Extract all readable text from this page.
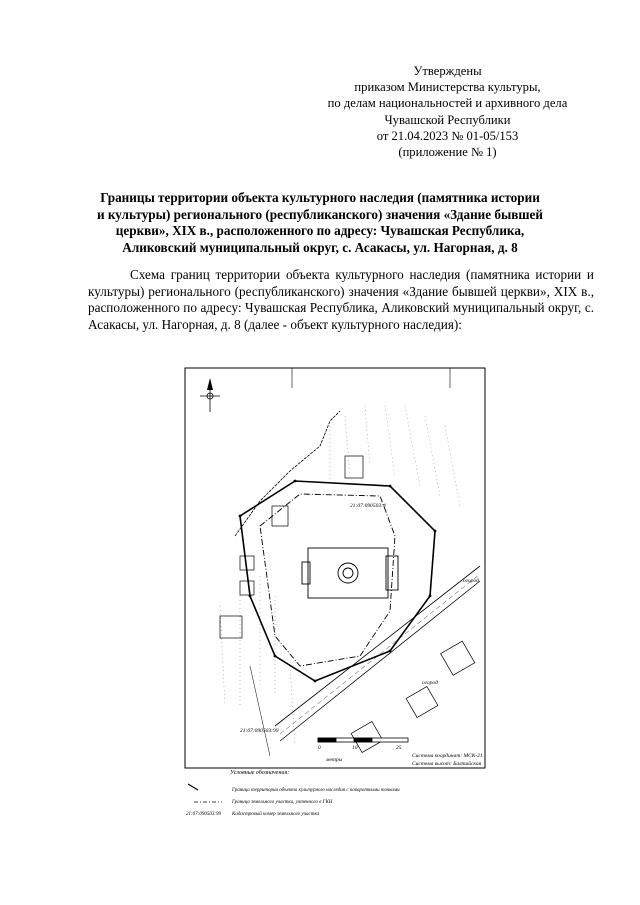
Утверждены
приказом Министерства культуры,
по делам национальностей и архивного дела
Чувашской Республики
от 21.04.2023 № 01-05/153
(приложение № 1)
Границы территории объекта культурного наследия (памятника истории и культуры) регионального (республиканского) значения «Здание бывшей церкви», XIX в., расположенного по адресу: Чувашская Республика, Аликовский муниципальный округ, с. Асакасы, ул. Нагорная, д. 8
Схема границ территории объекта культурного наследия (памятника истории и культуры) регионального (республиканского) значения «Здание бывшей церкви», XIX в., расположенного по адресу: Чувашская Республика, Аликовский муниципальный округ, с. Асакасы, ул. Нагорная, д. 8 (далее - объект культурного наследия):
21:07:090503:4
21:07:090503:99
огород
огород
0	10	25
метры
Система координат: МСК-21
Система высот: Балтийская
Условные обозначения:
Граница территории объекта культурного наследия с поворотными точками
Граница земельного участка, учтенного в ГКН
21:07:090503:99 Кадастровый номер земельного участка
